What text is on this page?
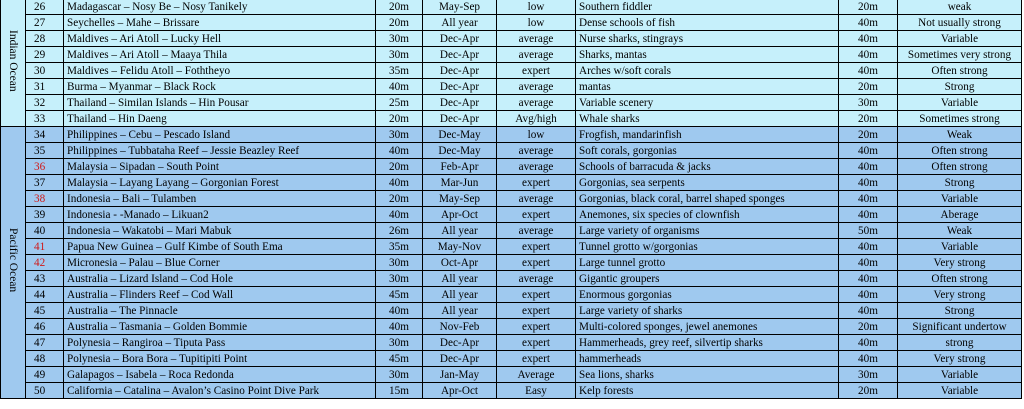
Indian Ocean	26	Madagascar – Nosy Be – Nosy Tanikely	20m	May-Sep	low	Southern fiddler	20m	weak
	27	Seychelles – Mahe – Brissare	20m	All year	low	Dense schools of fish	40m	Not usually strong
	28	Maldives – Ari Atoll – Lucky Hell	30m	Dec-Apr	average	Nurse sharks, stingrays	40m	Variable
	29	Maldives – Ari Atoll – Maaya Thila	30m	Dec-Apr	average	Sharks, mantas	40m	Sometimes very strong
	30	Maldives – Felidu Atoll – Foththeyo	35m	Dec-Apr	expert	Arches w/soft corals	40m	Often strong
	31	Burma – Myanmar – Black Rock	40m	Dec-Apr	average	mantas	20m	Strong
	32	Thailand – Similan Islands – Hin Pousar	25m	Dec-Apr	average	Variable scenery	30m	Variable
	33	Thailand – Hin Daeng	20m	Dec-Apr	Avg/high	Whale sharks	20m	Sometimes strong
Pacific Ocean	34	Philippines – Cebu – Pescado Island	30m	Dec-May	low	Frogfish, mandarinfish	20m	Weak
	35	Philippines – Tubbataha Reef – Jessie Beazley Reef	40m	Dec-May	average	Soft corals, gorgonias	40m	Often strong
	36	Malaysia – Sipadan – South Point	20m	Feb-Apr	average	Schools of barracuda & jacks	40m	Often strong
	37	Malaysia – Layang Layang – Gorgonian Forest	40m	Mar-Jun	expert	Gorgonias, sea serpents	40m	Strong
	38	Indonesia – Bali – Tulamben	20m	May-Sep	average	Gorgonias, black coral, barrel shaped sponges	40m	Variable
	39	Indonesia - -Manado – Likuan2	40m	Apr-Oct	expert	Anemones, six species of clownfish	40m	Aberage
	40	Indonesia – Wakatobi – Mari Mabuk	26m	All year	average	Large variety of organisms	50m	Weak
	41	Papua New Guinea – Gulf Kimbe of South Ema	35m	May-Nov	expert	Tunnel grotto w/gorgonias	40m	Variable
	42	Micronesia – Palau – Blue Corner	30m	Oct-Apr	expert	Large tunnel grotto	40m	Very strong
	43	Australia – Lizard Island – Cod Hole	30m	All year	average	Gigantic groupers	40m	Often strong
	44	Australia – Flinders Reef – Cod Wall	45m	All year	expert	Enormous gorgonias	40m	Very strong
	45	Australia – The Pinnacle	40m	All year	expert	Large variety of sharks	40m	Strong
	46	Australia – Tasmania – Golden Bommie	40m	Nov-Feb	expert	Multi-colored sponges, jewel anemones	20m	Significant undertow
	47	Polynesia – Rangiroa – Tiputa Pass	30m	Dec-Apr	expert	Hammerheads, grey reef, silvertip sharks	40m	strong
	48	Polynesia – Bora Bora – Tupitipiti Point	45m	Dec-Apr	expert	hammerheads	40m	Very strong
	49	Galapagos – Isabela – Roca Redonda	30m	Jan-May	Average	Sea lions, sharks	30m	Variable
	50	California – Catalina – Avalon’s Casino Point Dive Park	15m	Apr-Oct	Easy	Kelp forests	20m	Variable
